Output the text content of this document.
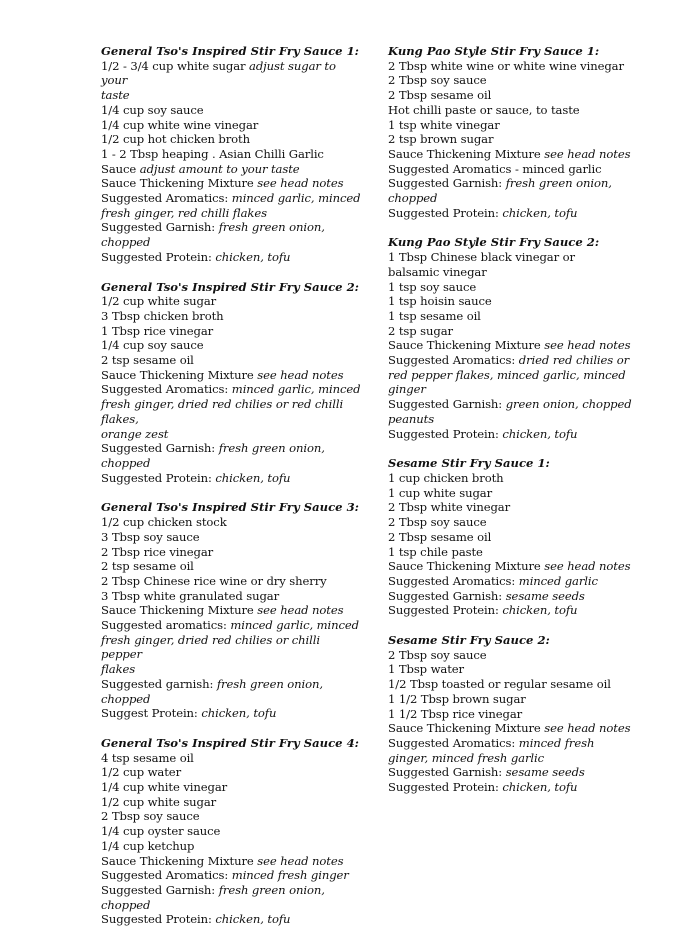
General Tso's Inspired Stir Fry Sauce 1:
1/2 - 3/4 cup white sugar adjust sugar to your
taste
1/4 cup soy sauce
1/4 cup white wine vinegar
1/2 cup hot chicken broth
1 - 2 Tbsp heaping . Asian Chilli Garlic
Sauce adjust amount to your taste
Sauce Thickening Mixture see head notes
Suggested Aromatics: minced garlic, minced
fresh ginger, red chilli flakes
Suggested Garnish: fresh green onion, chopped
Suggested Protein: chicken, tofu
General Tso's Inspired Stir Fry Sauce 2:
1/2 cup white sugar
3 Tbsp chicken broth
1 Tbsp rice vinegar
1/4 cup soy sauce
2 tsp sesame oil
Sauce Thickening Mixture see head notes
Suggested Aromatics: minced garlic, minced
fresh ginger, dried red chilies or red chilli flakes,
orange zest
Suggested Garnish: fresh green onion, chopped
Suggested Protein: chicken, tofu
General Tso's Inspired Stir Fry Sauce 3:
1/2 cup chicken stock
3 Tbsp soy sauce
2 Tbsp rice vinegar
2 tsp sesame oil
2 Tbsp Chinese rice wine or dry sherry
3 Tbsp white granulated sugar
Sauce Thickening Mixture see head notes
Suggested aromatics: minced garlic, minced
fresh ginger, dried red chilies or chilli pepper
flakes
Suggested garnish: fresh green onion, chopped
Suggest Protein: chicken, tofu
General Tso's Inspired Stir Fry Sauce 4:
4 tsp sesame oil
1/2 cup water
1/4 cup white vinegar
1/2 cup white sugar
2 Tbsp soy sauce
1/4 cup oyster sauce
1/4 cup ketchup
Sauce Thickening Mixture see head notes
Suggested Aromatics: minced fresh ginger
Suggested Garnish: fresh green onion, chopped
Suggested Protein: chicken, tofu
Kung Pao Style Stir Fry Sauce 1:
2 Tbsp white wine or white wine vinegar
2 Tbsp soy sauce
2 Tbsp sesame oil
Hot chilli paste or sauce, to taste
1 tsp white vinegar
2 tsp brown sugar
Sauce Thickening Mixture see head notes
Suggested Aromatics - minced garlic
Suggested Garnish: fresh green onion,
chopped
Suggested Protein: chicken, tofu
Kung Pao Style Stir Fry Sauce 2:
1 Tbsp Chinese black vinegar or
balsamic vinegar
1 tsp soy sauce
1 tsp hoisin sauce
1 tsp sesame oil
2 tsp sugar
Sauce Thickening Mixture see head notes
Suggested Aromatics: dried red chilies or
red pepper flakes, minced garlic, minced
ginger
Suggested Garnish: green onion, chopped
peanuts
Suggested Protein: chicken, tofu
Sesame Stir Fry Sauce 1:
1 cup chicken broth
1 cup white sugar
2 Tbsp white vinegar
2 Tbsp soy sauce
2 Tbsp sesame oil
1 tsp chile paste
Sauce Thickening Mixture see head notes
Suggested Aromatics: minced garlic
Suggested Garnish: sesame seeds
Suggested Protein: chicken, tofu
Sesame Stir Fry Sauce 2:
2 Tbsp soy sauce
1 Tbsp water
1/2 Tbsp toasted or regular sesame oil
1 1/2 Tbsp brown sugar
1 1/2 Tbsp rice vinegar
Sauce Thickening Mixture see head notes
Suggested Aromatics: minced fresh
ginger, minced fresh garlic
Suggested Garnish: sesame seeds
Suggested Protein: chicken, tofu
